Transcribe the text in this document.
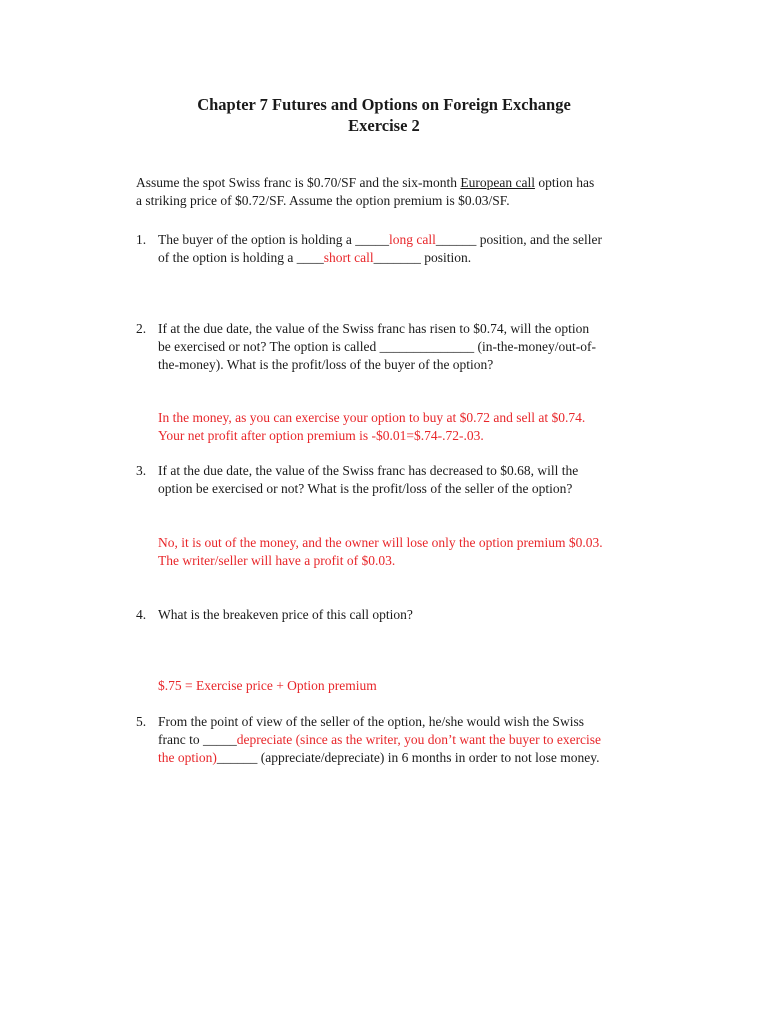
Chapter 7 Futures and Options on Foreign Exchange
Exercise 2
Assume the spot Swiss franc is $0.70/SF and the six-month European call option has
a striking price of $0.72/SF. Assume the option premium is $0.03/SF.
1. The buyer of the option is holding a _____long call______ position, and the seller
of the option is holding a ____short call_______ position.
2. If at the due date, the value of the Swiss franc has risen to $0.74, will the option
be exercised or not? The option is called ______________ (in-the-money/out-of-
the-money). What is the profit/loss of the buyer of the option?
In the money, as you can exercise your option to buy at $0.72 and sell at $0.74.
Your net profit after option premium is -$0.01=$.74-.72-.03.
3. If at the due date, the value of the Swiss franc has decreased to $0.68, will the
option be exercised or not? What is the profit/loss of the seller of the option?
No, it is out of the money, and the owner will lose only the option premium $0.03.
The writer/seller will have a profit of $0.03.
4. What is the breakeven price of this call option?
$.75 = Exercise price + Option premium
5. From the point of view of the seller of the option, he/she would wish the Swiss
franc to _____depreciate (since as the writer, you don’t want the buyer to exercise
the option)______ (appreciate/depreciate) in 6 months in order to not lose money.
